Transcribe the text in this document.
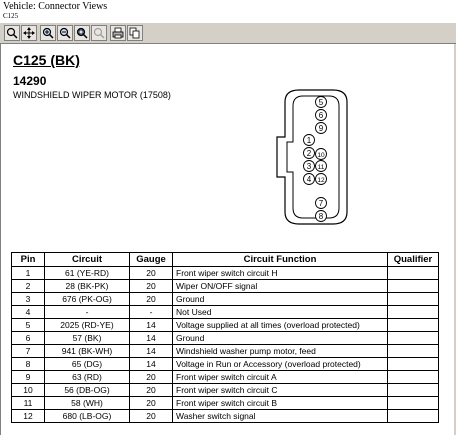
Vehicle: Connector Views
C125
C125 (BK)
14290
WINDSHIELD WIPER MOTOR (17508)
1
2
3
4
5
6
7
8
9
10
11
12
Pin	Circuit	Gauge	Circuit Function	Qualifier
1	61 (YE-RD)	20	Front wiper switch circuit H	
2	28 (BK-PK)	20	Wiper ON/OFF signal	
3	676 (PK-OG)	20	Ground	
4	-	-	Not Used	
5	2025 (RD-YE)	14	Voltage supplied at all times (overload protected)	
6	57 (BK)	14	Ground	
7	941 (BK-WH)	14	Windshield washer pump motor, feed	
8	65 (DG)	14	Voltage in Run or Accessory (overload protected)	
9	63 (RD)	20	Front wiper switch circuit A	
10	56 (DB-OG)	20	Front wiper switch circuit C	
11	58 (WH)	20	Front wiper switch circuit B	
12	680 (LB-OG)	20	Washer switch signal	
